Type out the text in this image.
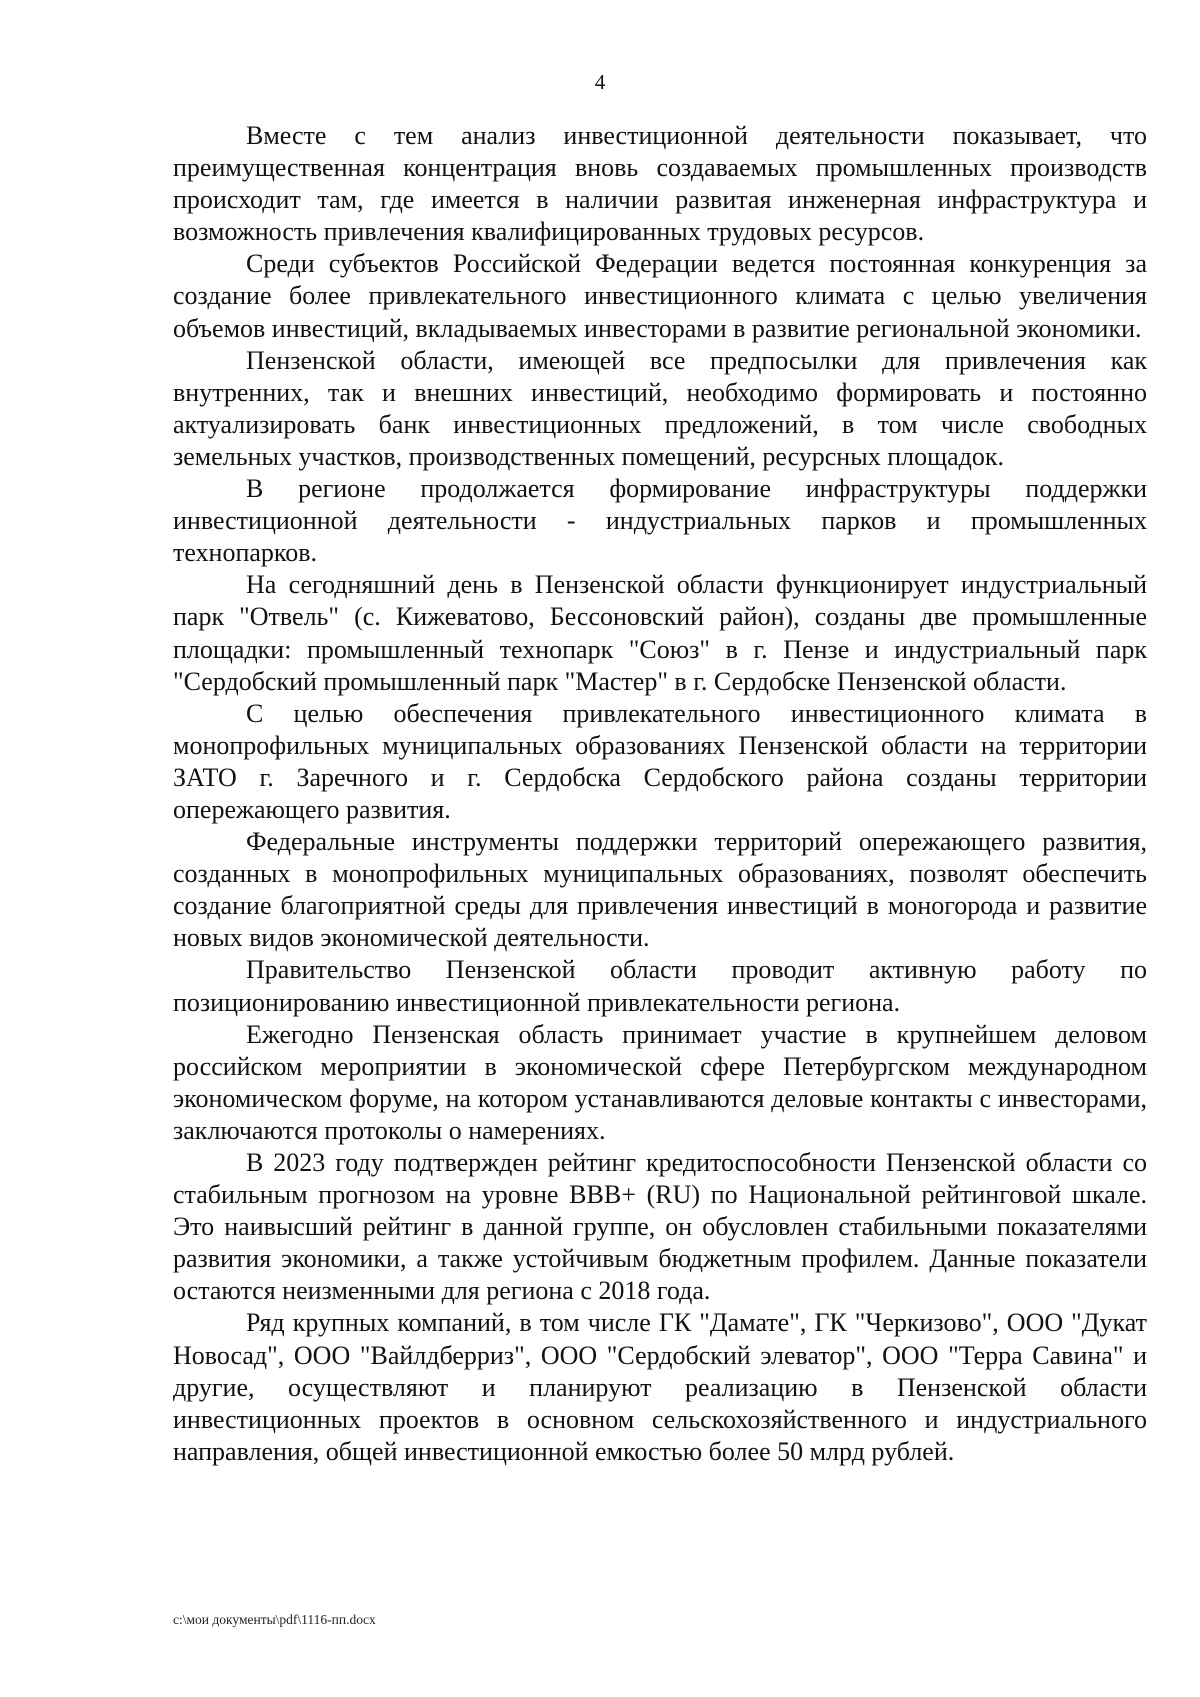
4

Вместе с тем анализ инвестиционной деятельности показывает, что преимущественная концентрация вновь создаваемых промышленных производств происходит там, где имеется в наличии развитая инженерная инфраструктура и возможность привлечения квалифицированных трудовых ресурсов.

Среди субъектов Российской Федерации ведется постоянная конкуренция за создание более привлекательного инвестиционного климата с целью увеличения объемов инвестиций, вкладываемых инвесторами в развитие региональной экономики.

Пензенской области, имеющей все предпосылки для привлечения как внутренних, так и внешних инвестиций, необходимо формировать и постоянно актуализировать банк инвестиционных предложений, в том числе свободных земельных участков, производственных помещений, ресурсных площадок.

В регионе продолжается формирование инфраструктуры поддержки инвестиционной деятельности - индустриальных парков и промышленных технопарков.

На сегодняшний день в Пензенской области функционирует индустриальный парк "Отвель" (с. Кижеватово, Бессоновский район), созданы две промышленные площадки: промышленный технопарк "Союз" в г. Пензе и индустриальный парк "Сердобский промышленный парк "Мастер" в г. Сердобске Пензенской области.

С целью обеспечения привлекательного инвестиционного климата в монопрофильных муниципальных образованиях Пензенской области на территории ЗАТО г. Заречного и г. Сердобска Сердобского района созданы территории опережающего развития.

Федеральные инструменты поддержки территорий опережающего развития, созданных в монопрофильных муниципальных образованиях, позволят обеспечить создание благоприятной среды для привлечения инвестиций в моногорода и развитие новых видов экономической деятельности.

Правительство Пензенской области проводит активную работу по позиционированию инвестиционной привлекательности региона.

Ежегодно Пензенская область принимает участие в крупнейшем деловом российском мероприятии в экономической сфере Петербургском международном экономическом форуме, на котором устанавливаются деловые контакты с инвесторами, заключаются протоколы о намерениях.

В 2023 году подтвержден рейтинг кредитоспособности Пензенской области со стабильным прогнозом на уровне BBB+ (RU) по Национальной рейтинговой шкале. Это наивысший рейтинг в данной группе, он обусловлен стабильными показателями развития экономики, а также устойчивым бюджетным профилем. Данные показатели остаются неизменными для региона с 2018 года.

Ряд крупных компаний, в том числе ГК "Дамате", ГК "Черкизово", ООО "Дукат Новосад", ООО "Вайлдберриз", ООО "Сердобский элеватор", ООО "Терра Савина" и другие, осуществляют и планируют реализацию в Пензенской области инвестиционных проектов в основном сельскохозяйственного и индустриального направления, общей инвестиционной емкостью более 50 млрд рублей.

c:\мои документы\pdf\1116-пп.docx
